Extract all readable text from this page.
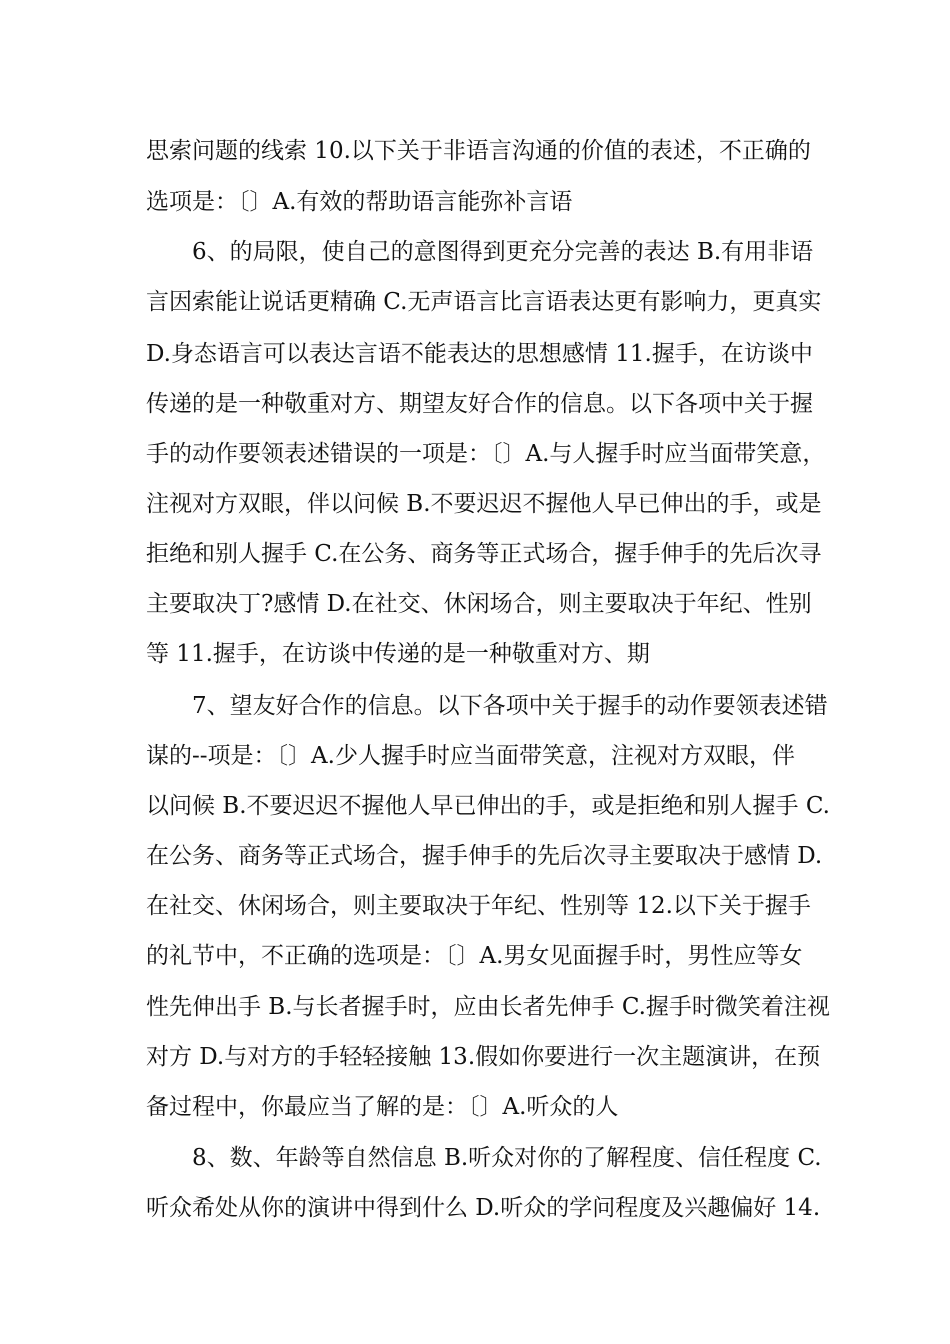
思索问题的线索 10.以下关于非语言沟通的价值的表述，不正确的
选项是：〔〕A.有效的帮助语言能弥补言语
6、的局限，使自己的意图得到更充分完善的表达 B.有用非语
言因索能让说话更精确 C.无声语言比言语表达更有影响力，更真实
D.身态语言可以表达言语不能表达的思想感情 11.握手，在访谈中
传递的是一种敬重对方、期望友好合作的信息。以下各项中关于握
手的动作要领表述错误的一项是：〔〕A.与人握手时应当面带笑意，
注视对方双眼，伴以问候 B.不要迟迟不握他人早已伸出的手，或是
拒绝和别人握手 C.在公务、商务等正式场合，握手伸手的先后次寻
主要取决丁?感情 D.在社交、休闲场合，则主要取决于年纪、性别
等 11.握手，在访谈中传递的是一种敬重对方、期
7、望友好合作的信息。以下各项中关于握手的动作要领表述错
谋的--项是：〔〕A.少人握手时应当面带笑意，注视对方双眼，伴
以问候 B.不要迟迟不握他人早已伸出的手，或是拒绝和别人握手 C.
在公务、商务等正式场合，握手伸手的先后次寻主要取决于感情 D.
在社交、休闲场合，则主要取决于年纪、性别等 12.以下关于握手
的礼节中，不正确的选项是：〔〕A.男女见面握手时，男性应等女
性先伸出手 B.与长者握手时，应由长者先伸手 C.握手时微笑着注视
对方 D.与对方的手轻轻接触 13.假如你要进行一次主题演讲，在预
备过程中，你最应当了解的是：〔〕A.听众的人
8、数、年龄等自然信息 B.听众对你的了解程度、信任程度 C.
听众希处从你的演讲中得到什么 D.听众的学问程度及兴趣偏好 14.
